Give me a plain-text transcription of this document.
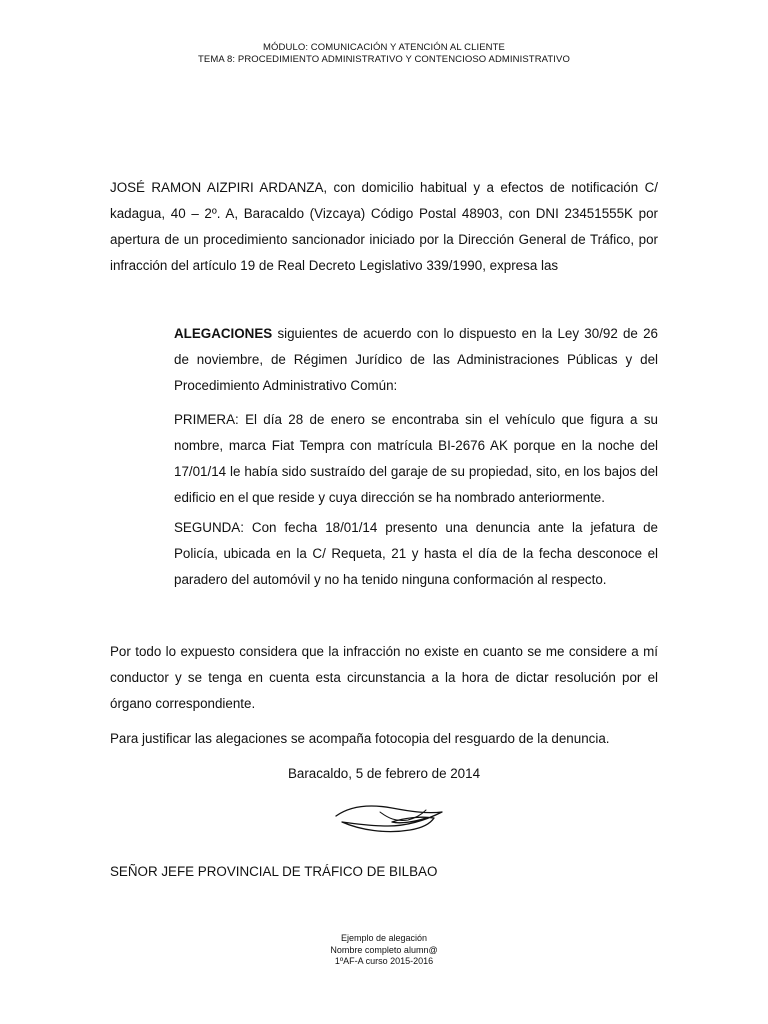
MÓDULO: COMUNICACIÓN Y ATENCIÓN AL CLIENTE
TEMA 8: PROCEDIMIENTO ADMINISTRATIVO Y CONTENCIOSO ADMINISTRATIVO

JOSÉ RAMON AIZPIRI ARDANZA, con domicilio habitual y a efectos de notificación C/ kadagua, 40 – 2º. A, Baracaldo (Vizcaya) Código Postal 48903, con DNI 23451555K por apertura de un procedimiento sancionador iniciado por la Dirección General de Tráfico, por infracción del artículo 19 de Real Decreto Legislativo 339/1990, expresa las

ALEGACIONES siguientes de acuerdo con lo dispuesto en la Ley 30/92 de 26 de noviembre, de Régimen Jurídico de las Administraciones Públicas y del Procedimiento Administrativo Común:

PRIMERA: El día 28 de enero se encontraba sin el vehículo que figura a su nombre, marca Fiat Tempra con matrícula BI-2676 AK porque en la noche del 17/01/14 le había sido sustraído del garaje de su propiedad, sito, en los bajos del edificio en el que reside y cuya dirección se ha nombrado anteriormente.

SEGUNDA: Con fecha 18/01/14 presento una denuncia ante la jefatura de Policía, ubicada en la C/ Requeta, 21 y hasta el día de la fecha desconoce el paradero del automóvil y no ha tenido ninguna conformación al respecto.

Por todo lo expuesto considera que la infracción no existe en cuanto se me considere a mí conductor y se tenga en cuenta esta circunstancia a la hora de dictar resolución por el órgano correspondiente.

Para justificar las alegaciones se acompaña fotocopia del resguardo de la denuncia.

Baracaldo, 5 de febrero de 2014
SEÑOR JEFE PROVINCIAL DE TRÁFICO DE BILBAO
Ejemplo de alegación
Nombre completo alumn@
1ºAF-A curso 2015-2016
